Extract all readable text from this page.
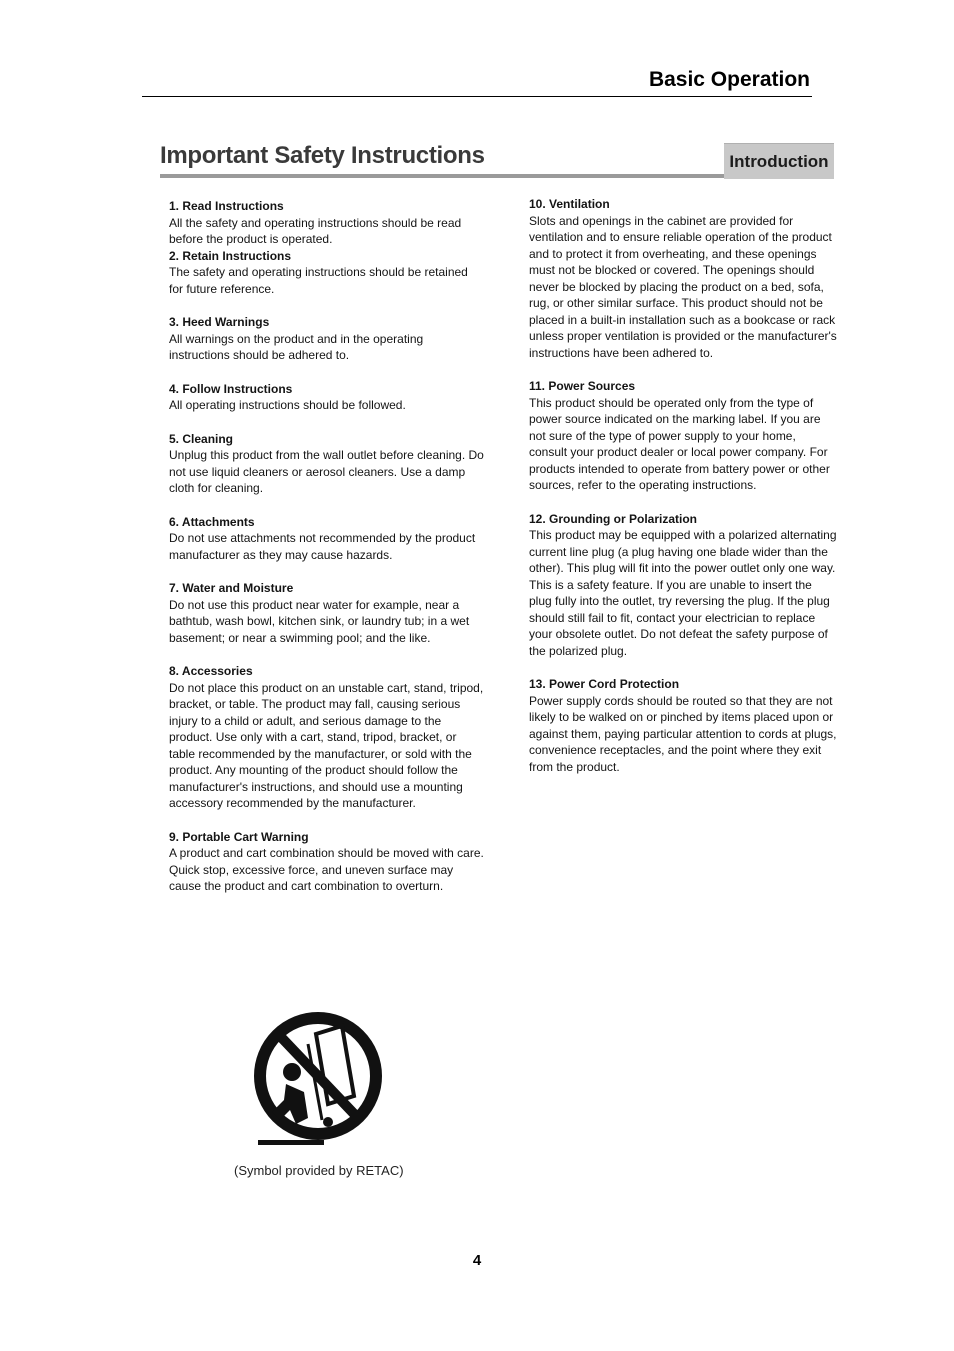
Basic Operation
Important Safety Instructions	Introduction
1. Read Instructions
All the safety and operating instructions should be read before the product is operated.
2. Retain Instructions
The safety and operating instructions should be retained for future reference.
3. Heed Warnings
All warnings on the product and in the operating instructions should be adhered to.
4. Follow Instructions
All operating instructions should be followed.
5. Cleaning
Unplug this product from the wall outlet before cleaning. Do not use liquid cleaners or aerosol cleaners. Use a damp cloth for cleaning.
6. Attachments
Do not use attachments not recommended by the product manufacturer as they may cause hazards.
7. Water and Moisture
Do not use this product near water for example, near a bathtub, wash bowl, kitchen sink, or laundry tub; in a wet basement; or near a swimming pool; and the like.
8. Accessories
Do not place this product on an unstable cart, stand, tripod, bracket, or table. The product may fall, causing serious injury to a child or adult, and serious damage to the product. Use only with a cart, stand, tripod, bracket, or table recommended by the manufacturer, or sold with the product. Any mounting of the product should follow the manufacturer's instructions, and should use a mounting accessory recommended by the manufacturer.
9. Portable Cart Warning
A product and cart combination should be moved with care. Quick stop, excessive force, and uneven surface may cause the product and cart combination to overturn.
10. Ventilation
Slots and openings in the cabinet are provided for ventilation and to ensure reliable operation of the product and to protect it from overheating, and these openings must not be blocked or covered. The openings should never be blocked by placing the product on a bed, sofa, rug, or other similar surface. This product should not be placed in a built-in installation such as a bookcase or rack unless proper ventilation is provided or the manufacturer's instructions have been adhered to.
11. Power Sources
This product should be operated only from the type of power source indicated on the marking label. If you are not sure of the type of power supply to your home, consult your product dealer or local power company. For products intended to operate from battery power or other sources, refer to the operating instructions.
12. Grounding or Polarization
This product may be equipped with a polarized alternating current line plug (a plug having one blade wider than the other). This plug will fit into the power outlet only one way. This is a safety feature. If you are unable to insert the plug fully into the outlet, try reversing the plug. If the plug should still fail to fit, contact your electrician to replace your obsolete outlet. Do not defeat the safety purpose of the polarized plug.
13. Power Cord Protection
Power supply cords should be routed so that they are not likely to be walked on or pinched by items placed upon or against them, paying particular attention to cords at plugs, convenience receptacles, and the point where they exit from the product.
(Symbol provided by RETAC)
4
